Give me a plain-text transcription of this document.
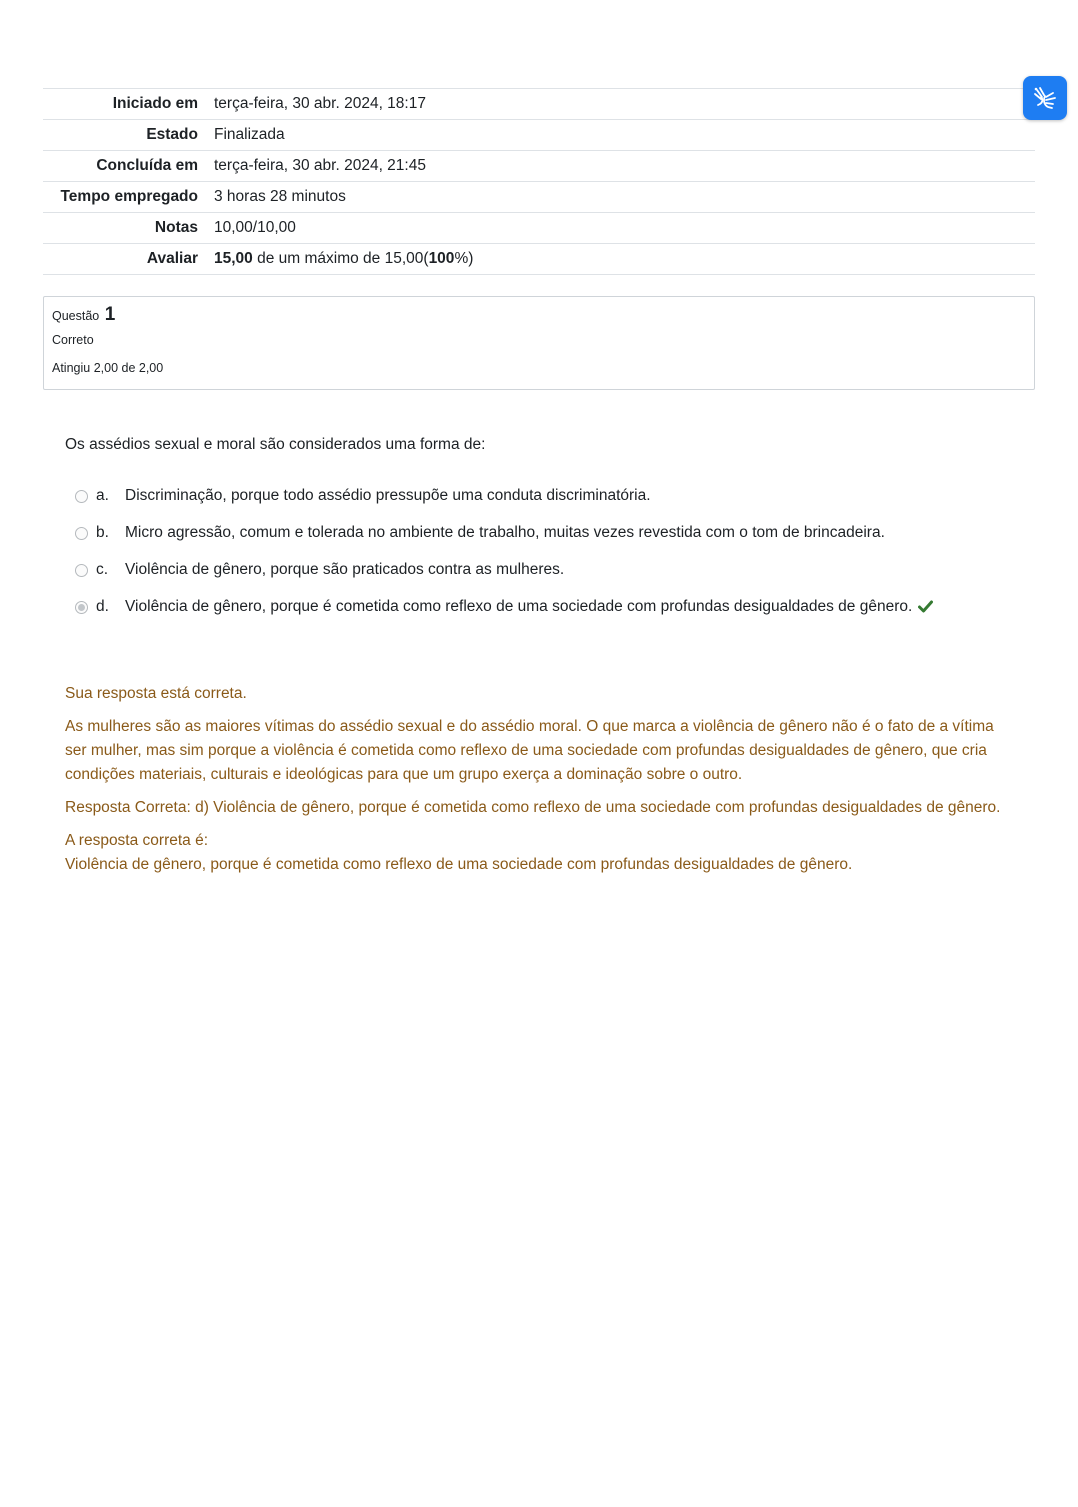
Iniciado em	terça-feira, 30 abr. 2024, 18:17
Estado	Finalizada
Concluída em	terça-feira, 30 abr. 2024, 21:45
Tempo empregado	3 horas 28 minutos
Notas	10,00/10,00
Avaliar	15,00 de um máximo de 15,00(100%)
Questão 1
Correto
Atingiu 2,00 de 2,00
Os assédios sexual e moral são considerados uma forma de:
a.	Discriminação, porque todo assédio pressupõe uma conduta discriminatória.
b.	Micro agressão, comum e tolerada no ambiente de trabalho, muitas vezes revestida com o tom de brincadeira.
c.	Violência de gênero, porque são praticados contra as mulheres.
d.	Violência de gênero, porque é cometida como reflexo de uma sociedade com profundas desigualdades de gênero.

Sua resposta está correta.

As mulheres são as maiores vítimas do assédio sexual e do assédio moral. O que marca a violência de gênero não é o fato de a vítima ser mulher, mas sim porque a violência é cometida como reflexo de uma sociedade com profundas desigualdades de gênero, que cria condições materiais, culturais e ideológicas para que um grupo exerça a dominação sobre o outro.

Resposta Correta: d) Violência de gênero, porque é cometida como reflexo de uma sociedade com profundas desigualdades de gênero.

A resposta correta é:
Violência de gênero, porque é cometida como reflexo de uma sociedade com profundas desigualdades de gênero.
